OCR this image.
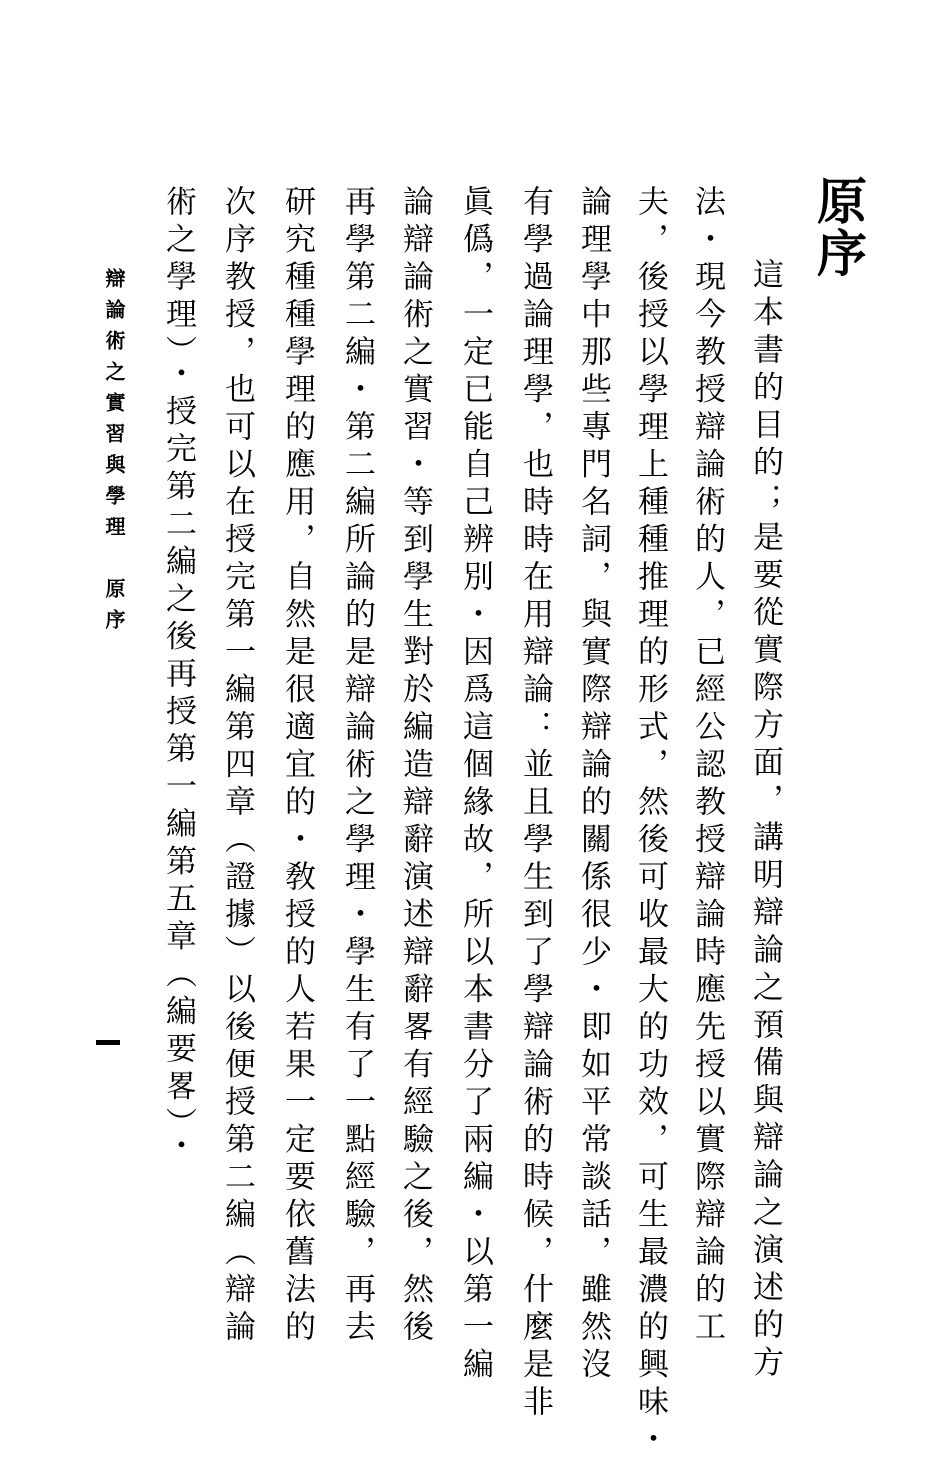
原序

這本書的目的；是要從實際方面，講明辯論之預備與辯論之演述的方

法・現今教授辯論術的人，已經公認教授辯論時應先授以實際辯論的工

夫，後授以學理上種種推理的形式，然後可收最大的功效，可生最濃的興味・

論理學中那些專門名詞，與實際辯論的關係很少・即如平常談話，雖然沒

有學過論理學，也時時在用辯論：並且學生到了學辯論術的時候，什麼是非

眞僞，一定已能自己辨別・因爲這個緣故，所以本書分了兩編・以第一編

論辯論術之實習・等到學生對於編造辯辭演述辯辭畧有經驗之後，然後

再學第二編・第二編所論的是辯論術之學理・學生有了一點經驗，再去

研究種種學理的應用，自然是很適宜的・敎授的人若果一定要依舊法的

次序教授，也可以在授完第一編第四章（證據）以後便授第二編（辯論

術之學理）・授完第二編之後再授第一編第五章（編要畧）・

辯論術之實習與學理　原序
一
